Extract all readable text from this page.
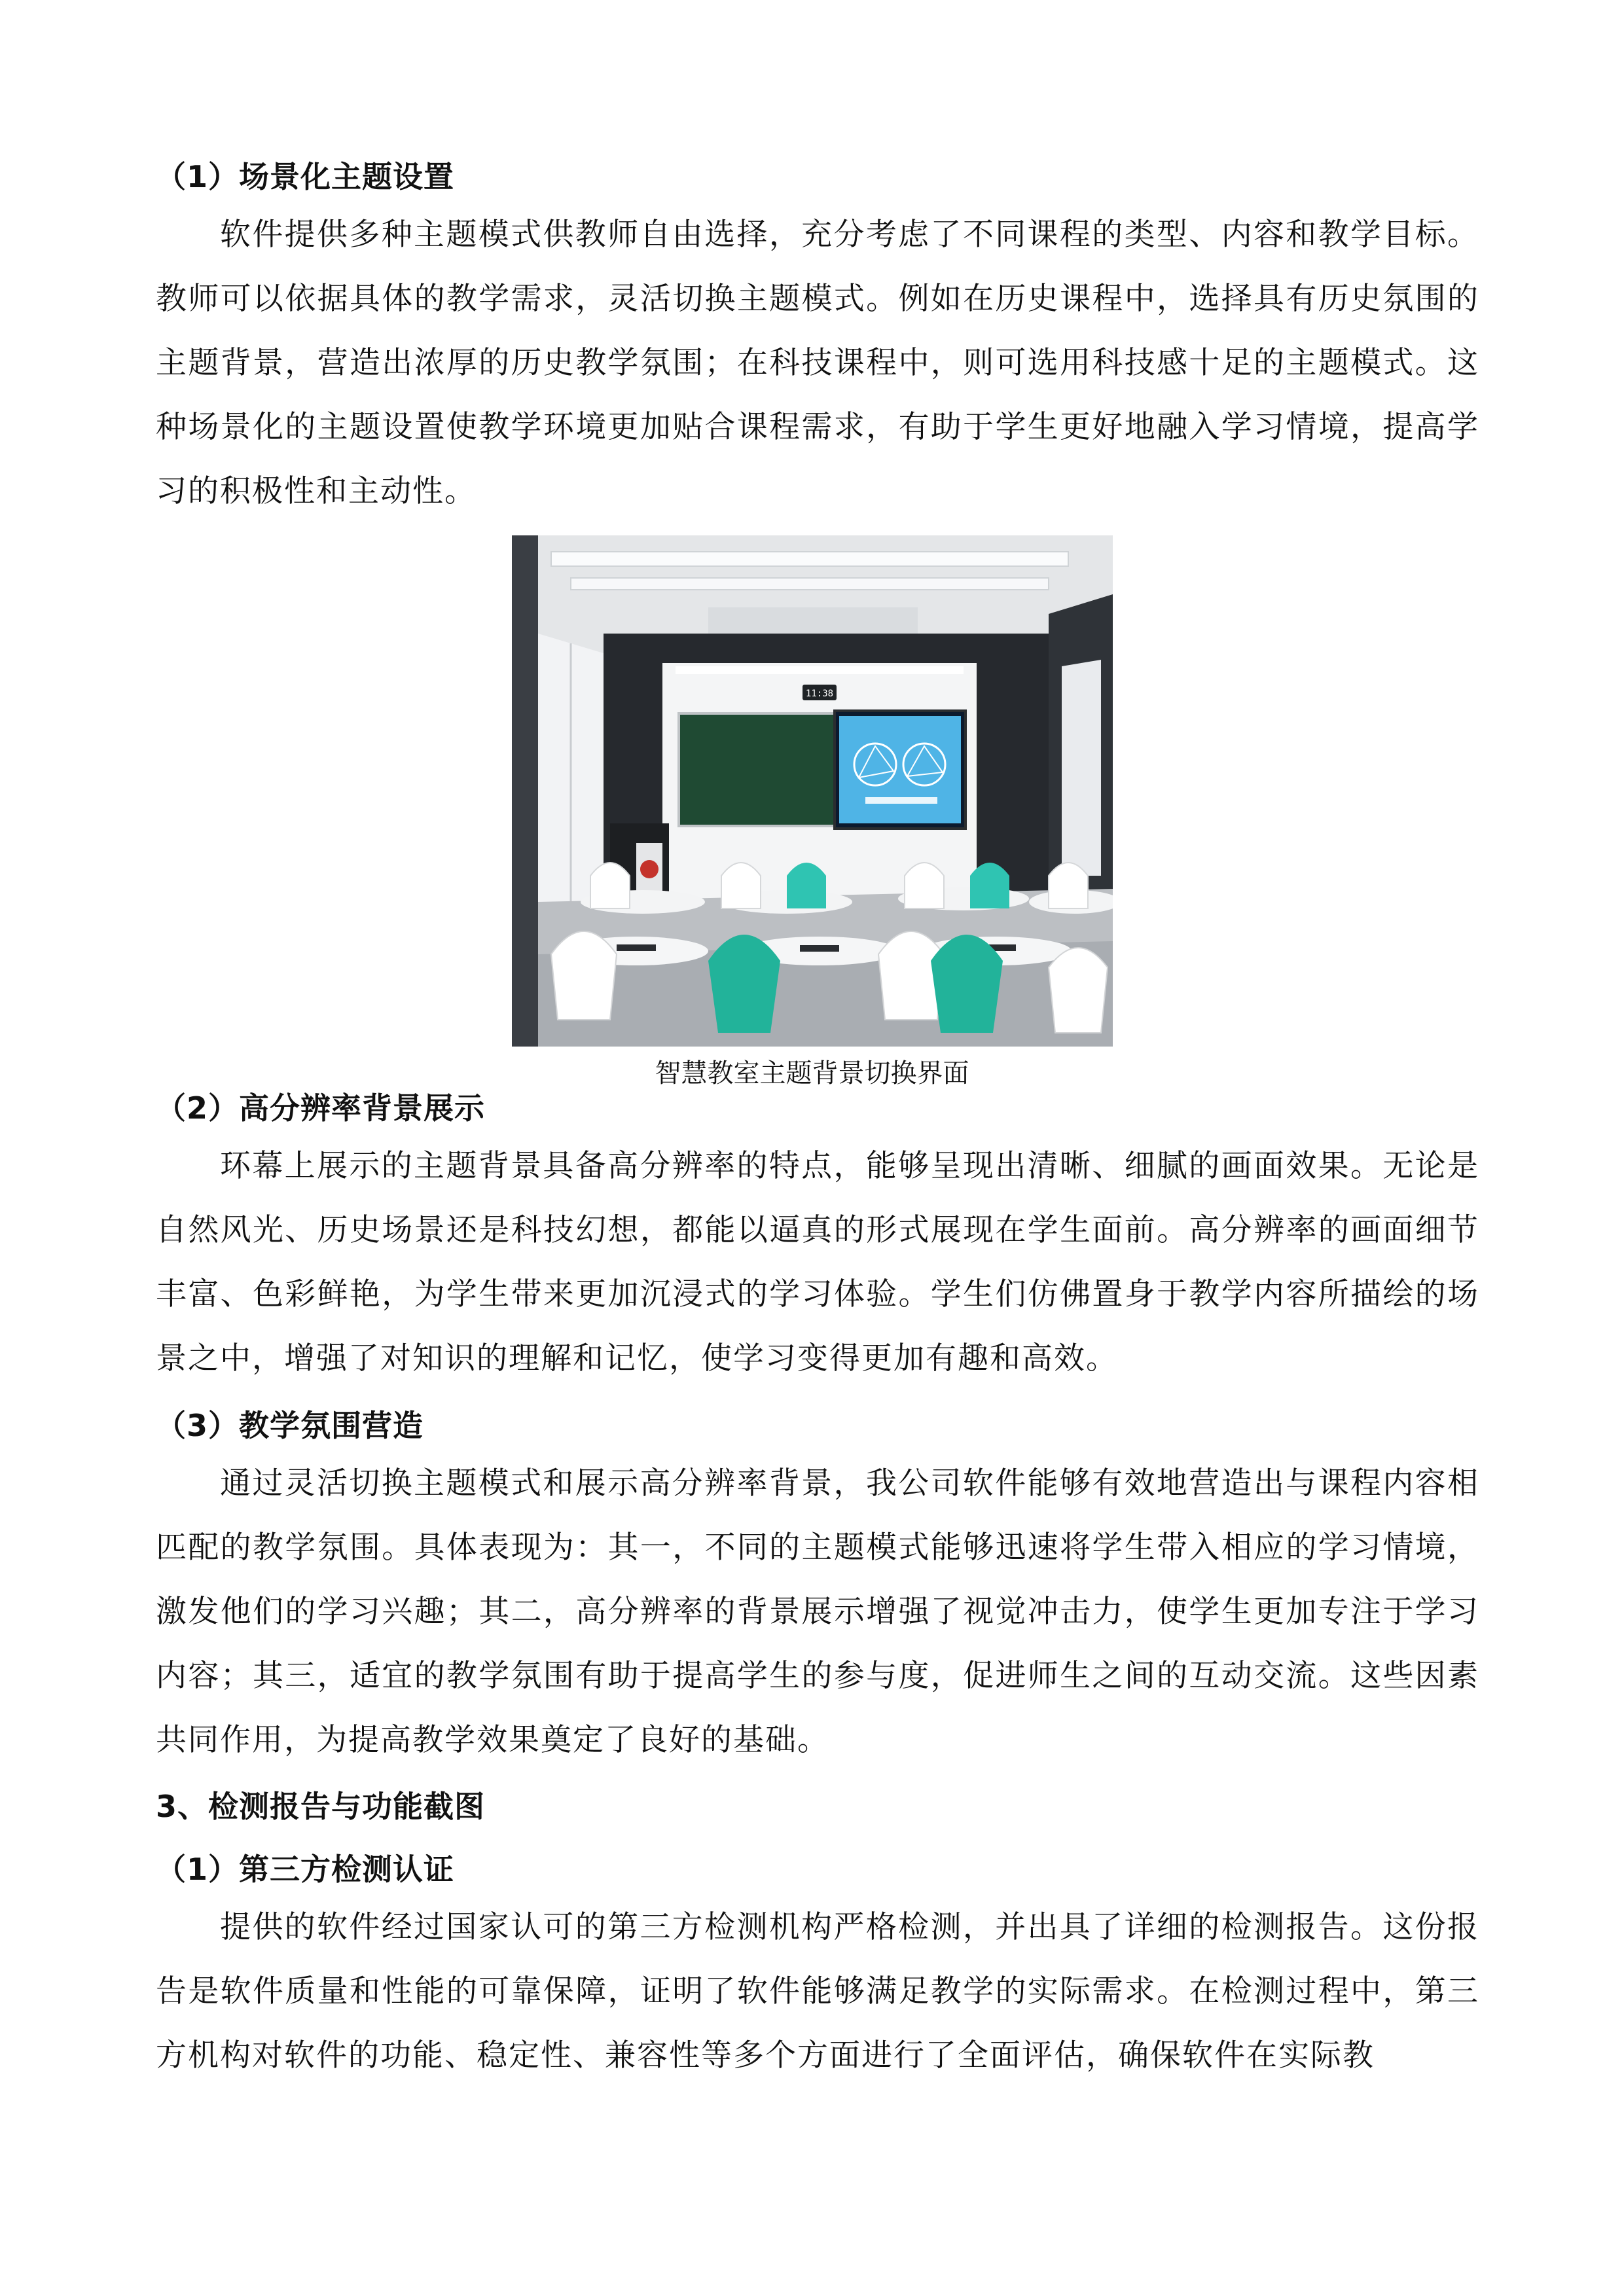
（1）场景化主题设置

软件提供多种主题模式供教师自由选择，充分考虑了不同课程的类型、内容和教学目标。教师可以依据具体的教学需求，灵活切换主题模式。例如在历史课程中，选择具有历史氛围的主题背景，营造出浓厚的历史教学氛围；在科技课程中，则可选用科技感十足的主题模式。这种场景化的主题设置使教学环境更加贴合课程需求，有助于学生更好地融入学习情境，提高学习的积极性和主动性。

11:38
智慧教室主题背景切换界面
（2）高分辨率背景展示

环幕上展示的主题背景具备高分辨率的特点，能够呈现出清晰、细腻的画面效果。无论是自然风光、历史场景还是科技幻想，都能以逼真的形式展现在学生面前。高分辨率的画面细节丰富、色彩鲜艳，为学生带来更加沉浸式的学习体验。学生们仿佛置身于教学内容所描绘的场景之中，增强了对知识的理解和记忆，使学习变得更加有趣和高效。

（3）教学氛围营造

通过灵活切换主题模式和展示高分辨率背景，我公司软件能够有效地营造出与课程内容相匹配的教学氛围。具体表现为：其一，不同的主题模式能够迅速将学生带入相应的学习情境，激发他们的学习兴趣；其二，高分辨率的背景展示增强了视觉冲击力，使学生更加专注于学习内容；其三，适宜的教学氛围有助于提高学生的参与度，促进师生之间的互动交流。这些因素共同作用，为提高教学效果奠定了良好的基础。

3、检测报告与功能截图
（1）第三方检测认证

提供的软件经过国家认可的第三方检测机构严格检测，并出具了详细的检测报告。这份报告是软件质量和性能的可靠保障，证明了软件能够满足教学的实际需求。在检测过程中，第三方机构对软件的功能、稳定性、兼容性等多个方面进行了全面评估，确保软件在实际教
